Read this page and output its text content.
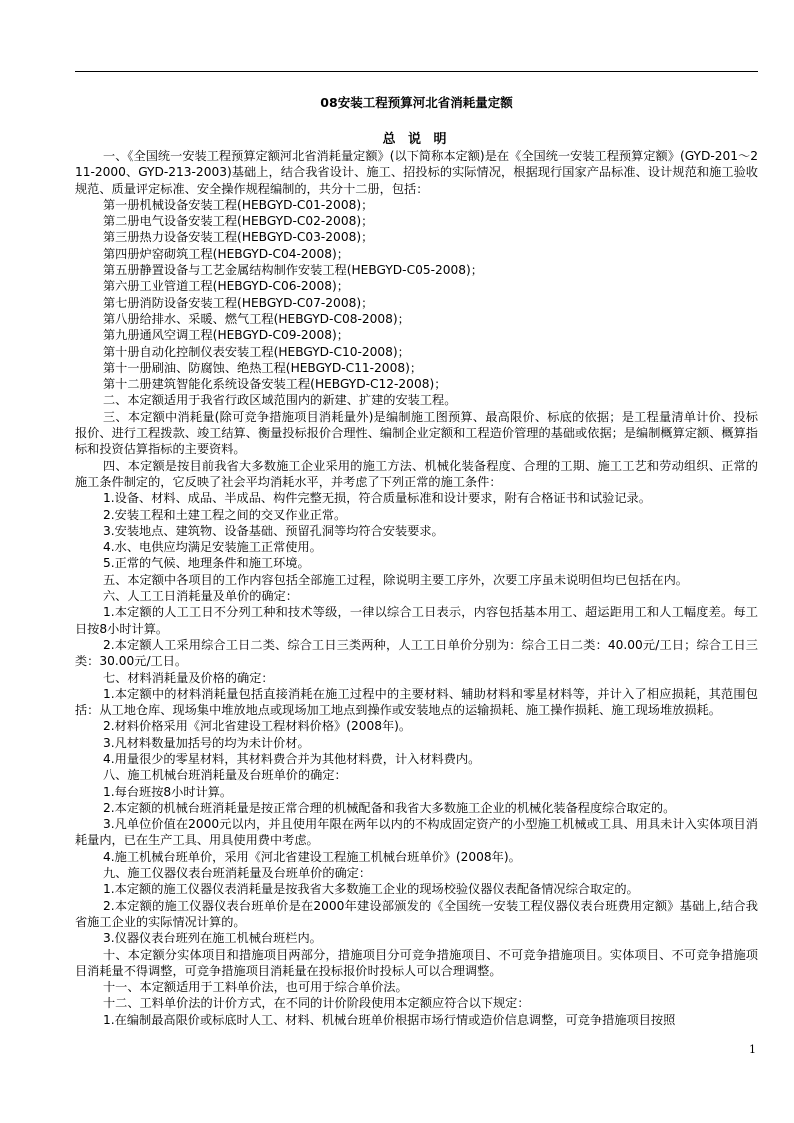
08安装工程预算河北省消耗量定额
总 说 明

一、《全国统一安装工程预算定额河北省消耗量定额》(以下简称本定额)是在《全国统一安装工程预算定额》(GYD-201～211-2000、GYD-213-2003)基础上，结合我省设计、施工、招投标的实际情况，根据现行国家产品标准、设计规范和施工验收规范、质量评定标准、安全操作规程编制的，共分十二册，包括：

第一册机械设备安装工程(HEBGYD-C01-2008)；

第二册电气设备安装工程(HEBGYD-C02-2008)；

第三册热力设备安装工程(HEBGYD-C03-2008)；

第四册炉窑砌筑工程(HEBGYD-C04-2008)；

第五册静置设备与工艺金属结构制作安装工程(HEBGYD-C05-2008)；

第六册工业管道工程(HEBGYD-C06-2008)；

第七册消防设备安装工程(HEBGYD-C07-2008)；

第八册给排水、采暖、燃气工程(HEBGYD-C08-2008)；

第九册通风空调工程(HEBGYD-C09-2008)；

第十册自动化控制仪表安装工程(HEBGYD-C10-2008)；

第十一册刷油、防腐蚀、绝热工程(HEBGYD-C11-2008)；

第十二册建筑智能化系统设备安装工程(HEBGYD-C12-2008)；

二、本定额适用于我省行政区域范围内的新建、扩建的安装工程。

三、本定额中消耗量(除可竞争措施项目消耗量外)是编制施工图预算、最高限价、标底的依据；是工程量清单计价、投标报价、进行工程拨款、竣工结算、衡量投标报价合理性、编制企业定额和工程造价管理的基础或依据；是编制概算定额、概算指标和投资估算指标的主要资料。

四、本定额是按目前我省大多数施工企业采用的施工方法、机械化装备程度、合理的工期、施工工艺和劳动组织、正常的施工条件制定的，它反映了社会平均消耗水平，并考虑了下列正常的施工条件：

1.设备、材料、成品、半成品、构件完整无损，符合质量标准和设计要求，附有合格证书和试验记录。

2.安装工程和土建工程之间的交叉作业正常。

3.安装地点、建筑物、设备基础、预留孔洞等均符合安装要求。

4.水、电供应均满足安装施工正常使用。

5.正常的气候、地理条件和施工环境。

五、本定额中各项目的工作内容包括全部施工过程，除说明主要工序外，次要工序虽未说明但均已包括在内。

六、人工工日消耗量及单价的确定：

1.本定额的人工工日不分列工种和技术等级，一律以综合工日表示，内容包括基本用工、超运距用工和人工幅度差。每工日按8小时计算。

2.本定额人工采用综合工日二类、综合工日三类两种，人工工日单价分别为：综合工日二类：40.00元/工日；综合工日三类：30.00元/工日。

七、材料消耗量及价格的确定：

1.本定额中的材料消耗量包括直接消耗在施工过程中的主要材料、辅助材料和零星材料等，并计入了相应损耗，其范围包括：从工地仓库、现场集中堆放地点或现场加工地点到操作或安装地点的运输损耗、施工操作损耗、施工现场堆放损耗。

2.材料价格采用《河北省建设工程材料价格》(2008年)。

3.凡材料数量加括号的均为未计价材。

4.用量很少的零星材料，其材料费合并为其他材料费，计入材料费内。

八、施工机械台班消耗量及台班单价的确定：

1.每台班按8小时计算。

2.本定额的机械台班消耗量是按正常合理的机械配备和我省大多数施工企业的机械化装备程度综合取定的。

3.凡单位价值在2000元以内，并且使用年限在两年以内的不构成固定资产的小型施工机械或工具、用具未计入实体项目消耗量内，已在生产工具、用具使用费中考虑。

4.施工机械台班单价，采用《河北省建设工程施工机械台班单价》(2008年)。

九、施工仪器仪表台班消耗量及台班单价的确定：

1.本定额的施工仪器仪表消耗量是按我省大多数施工企业的现场校验仪器仪表配备情况综合取定的。

2.本定额的施工仪器仪表台班单价是在2000年建设部颁发的《全国统一安装工程仪器仪表台班费用定额》基础上,结合我省施工企业的实际情况计算的。

3.仪器仪表台班列在施工机械台班栏内。

十、本定额分实体项目和措施项目两部分，措施项目分可竞争措施项目、不可竞争措施项目。实体项目、不可竞争措施项目消耗量不得调整，可竞争措施项目消耗量在投标报价时投标人可以合理调整。

十一、本定额适用于工料单价法，也可用于综合单价法。

十二、工料单价法的计价方式，在不同的计价阶段使用本定额应符合以下规定：

1.在编制最高限价或标底时人工、材料、机械台班单价根据市场行情或造价信息调整，可竞争措施项目按照

1
